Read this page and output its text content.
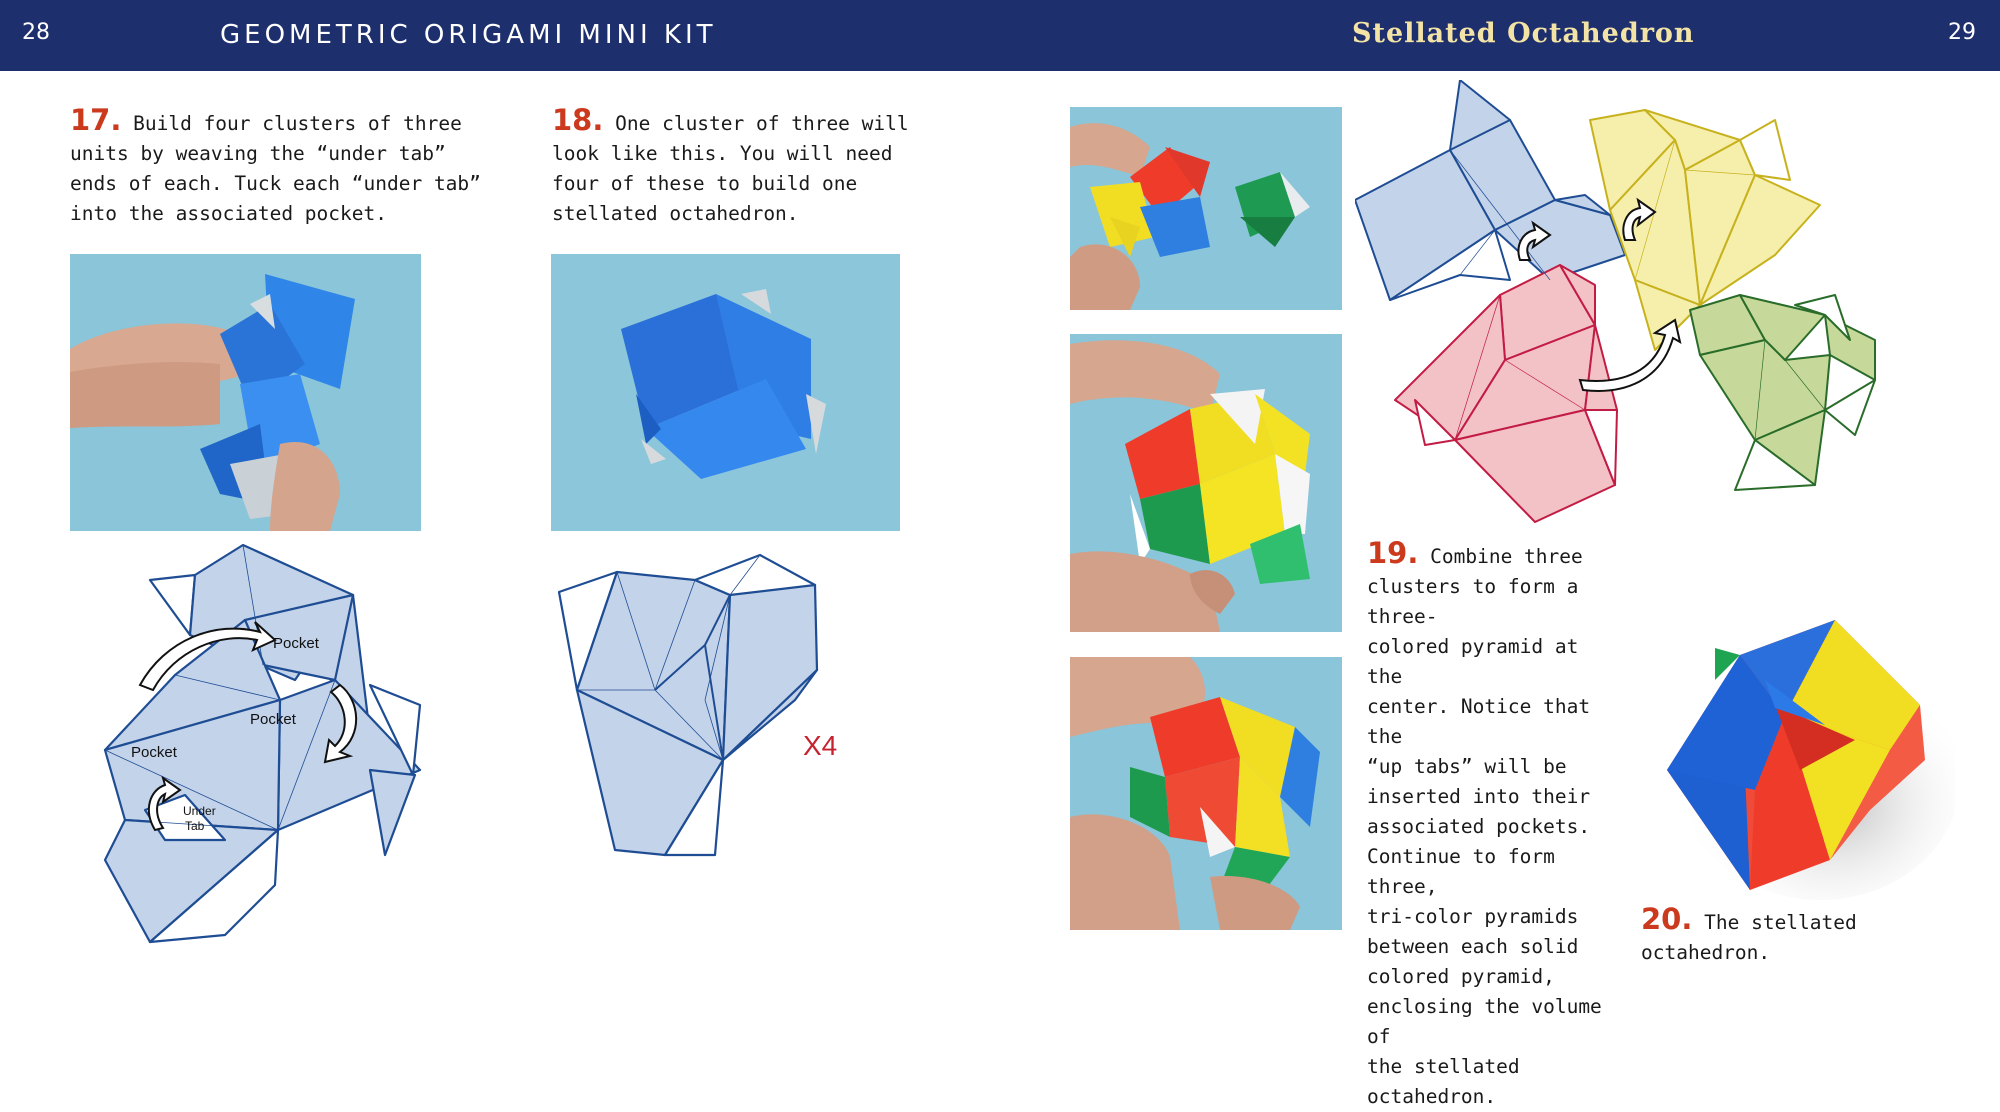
28	GEOMETRIC ORIGAMI MINI KIT	Stellated Octahedron	29
17. Build four clusters of three
units by weaving the “under tab”
ends of each. Tuck each “under tab”
into the associated pocket.
18. One cluster of three will
look like this. You will need
four of these to build one
stellated octahedron.
Pocket
Pocket
Pocket
Under
Tab
X4
19. Combine three
clusters to form a three-
colored pyramid at the
center. Notice that the
“up tabs” will be
inserted into their
associated pockets.
Continue to form three,
tri-color pyramids
between each solid
colored pyramid,
enclosing the volume of
the stellated octahedron.
20. The stellated octahedron.
